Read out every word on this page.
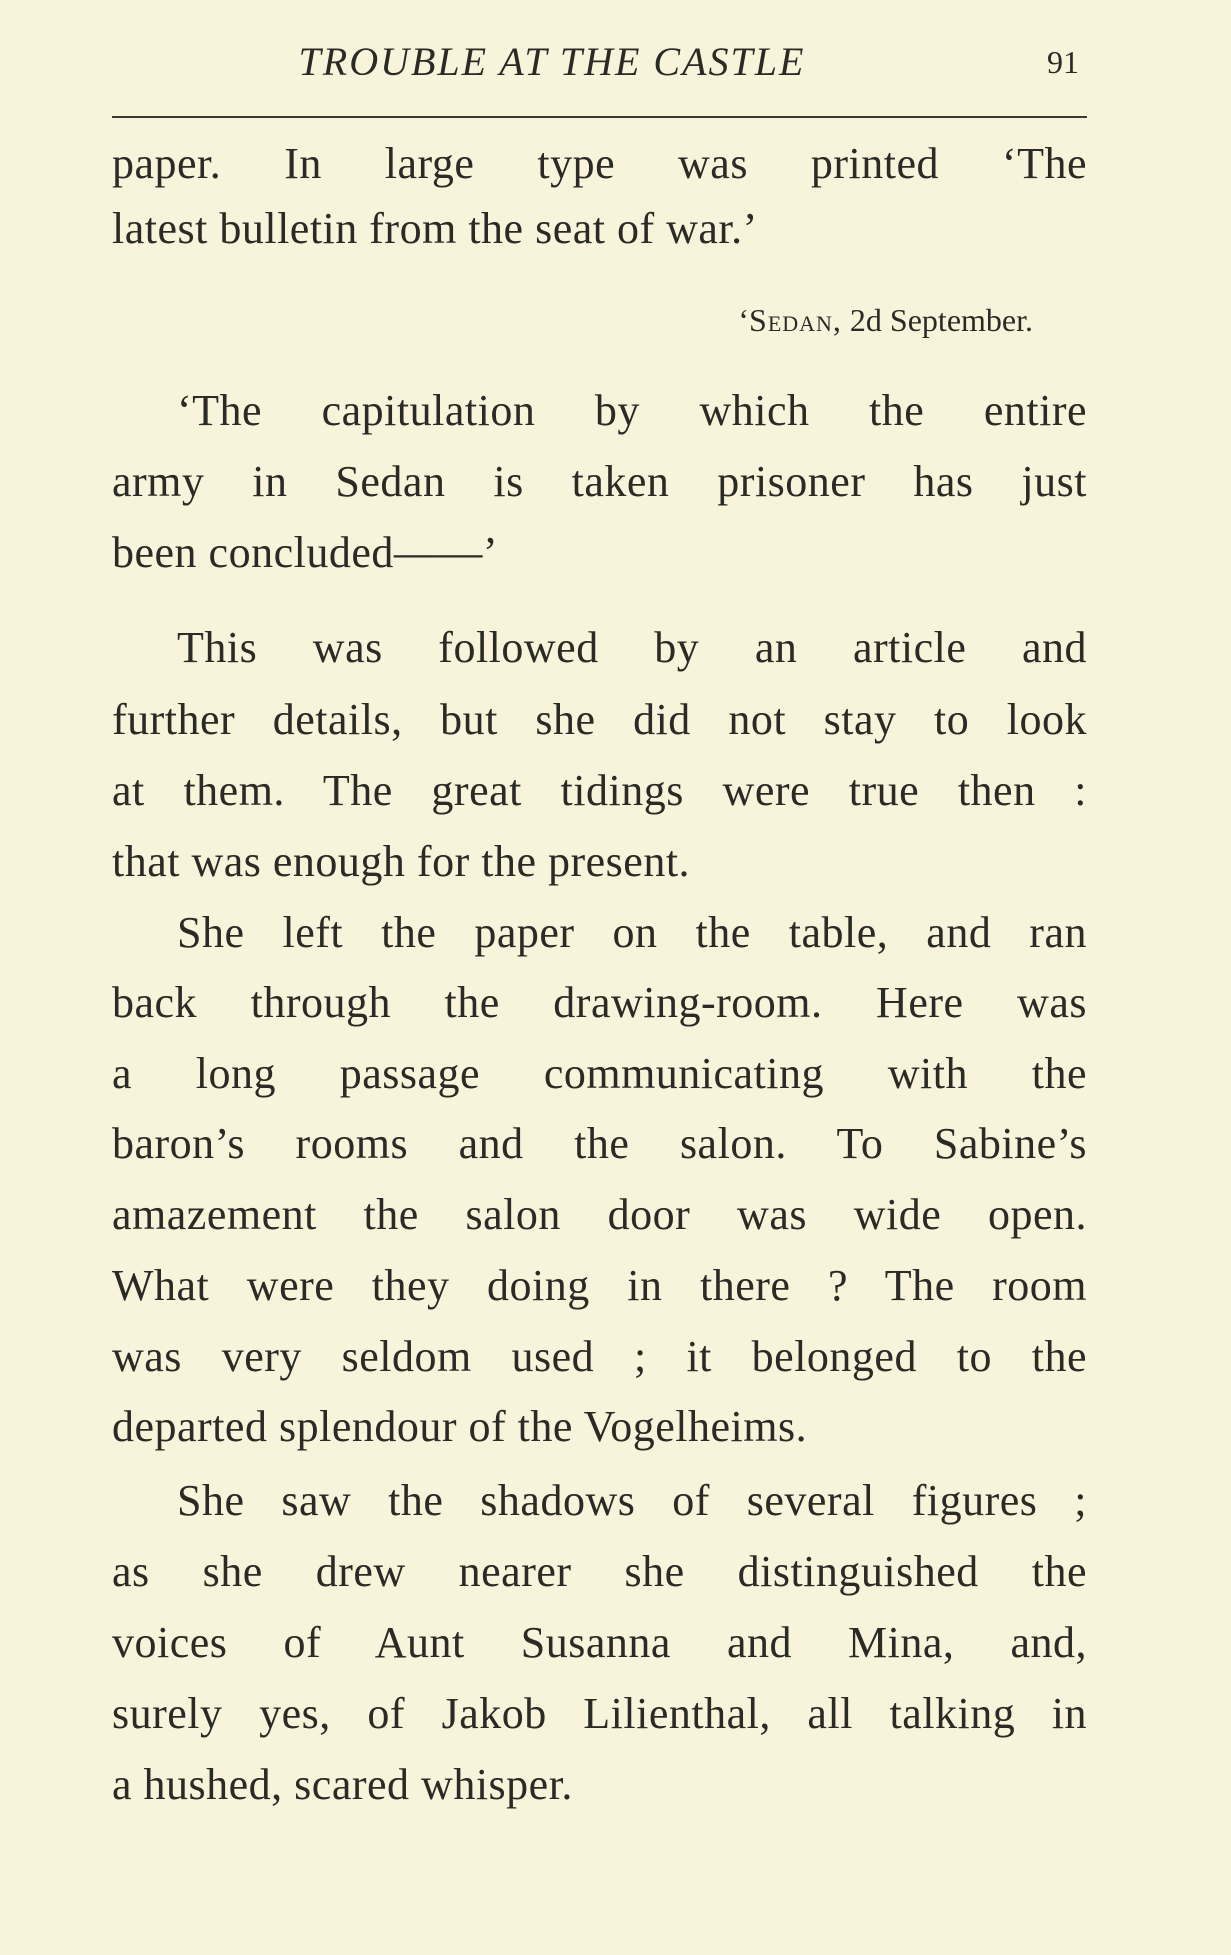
TROUBLE AT THE CASTLE	91
‘Sedan, 2d September.
paper. In large type was printed ‘The
latest bulletin from the seat of war.’
‘The capitulation by which the entire
army in Sedan is taken prisoner has just
been concluded——’
This was followed by an article and
further details, but she did not stay to look
at them. The great tidings were true then :
that was enough for the present.
She left the paper on the table, and ran
back through the drawing-room. Here was
a long passage communicating with the
baron’s rooms and the salon. To Sabine’s
amazement the salon door was wide open.
What were they doing in there ? The room
was very seldom used ; it belonged to the
departed splendour of the Vogelheims.
She saw the shadows of several figures ;
as she drew nearer she distinguished the
voices of Aunt Susanna and Mina, and,
surely yes, of Jakob Lilienthal, all talking in
a hushed, scared whisper.
